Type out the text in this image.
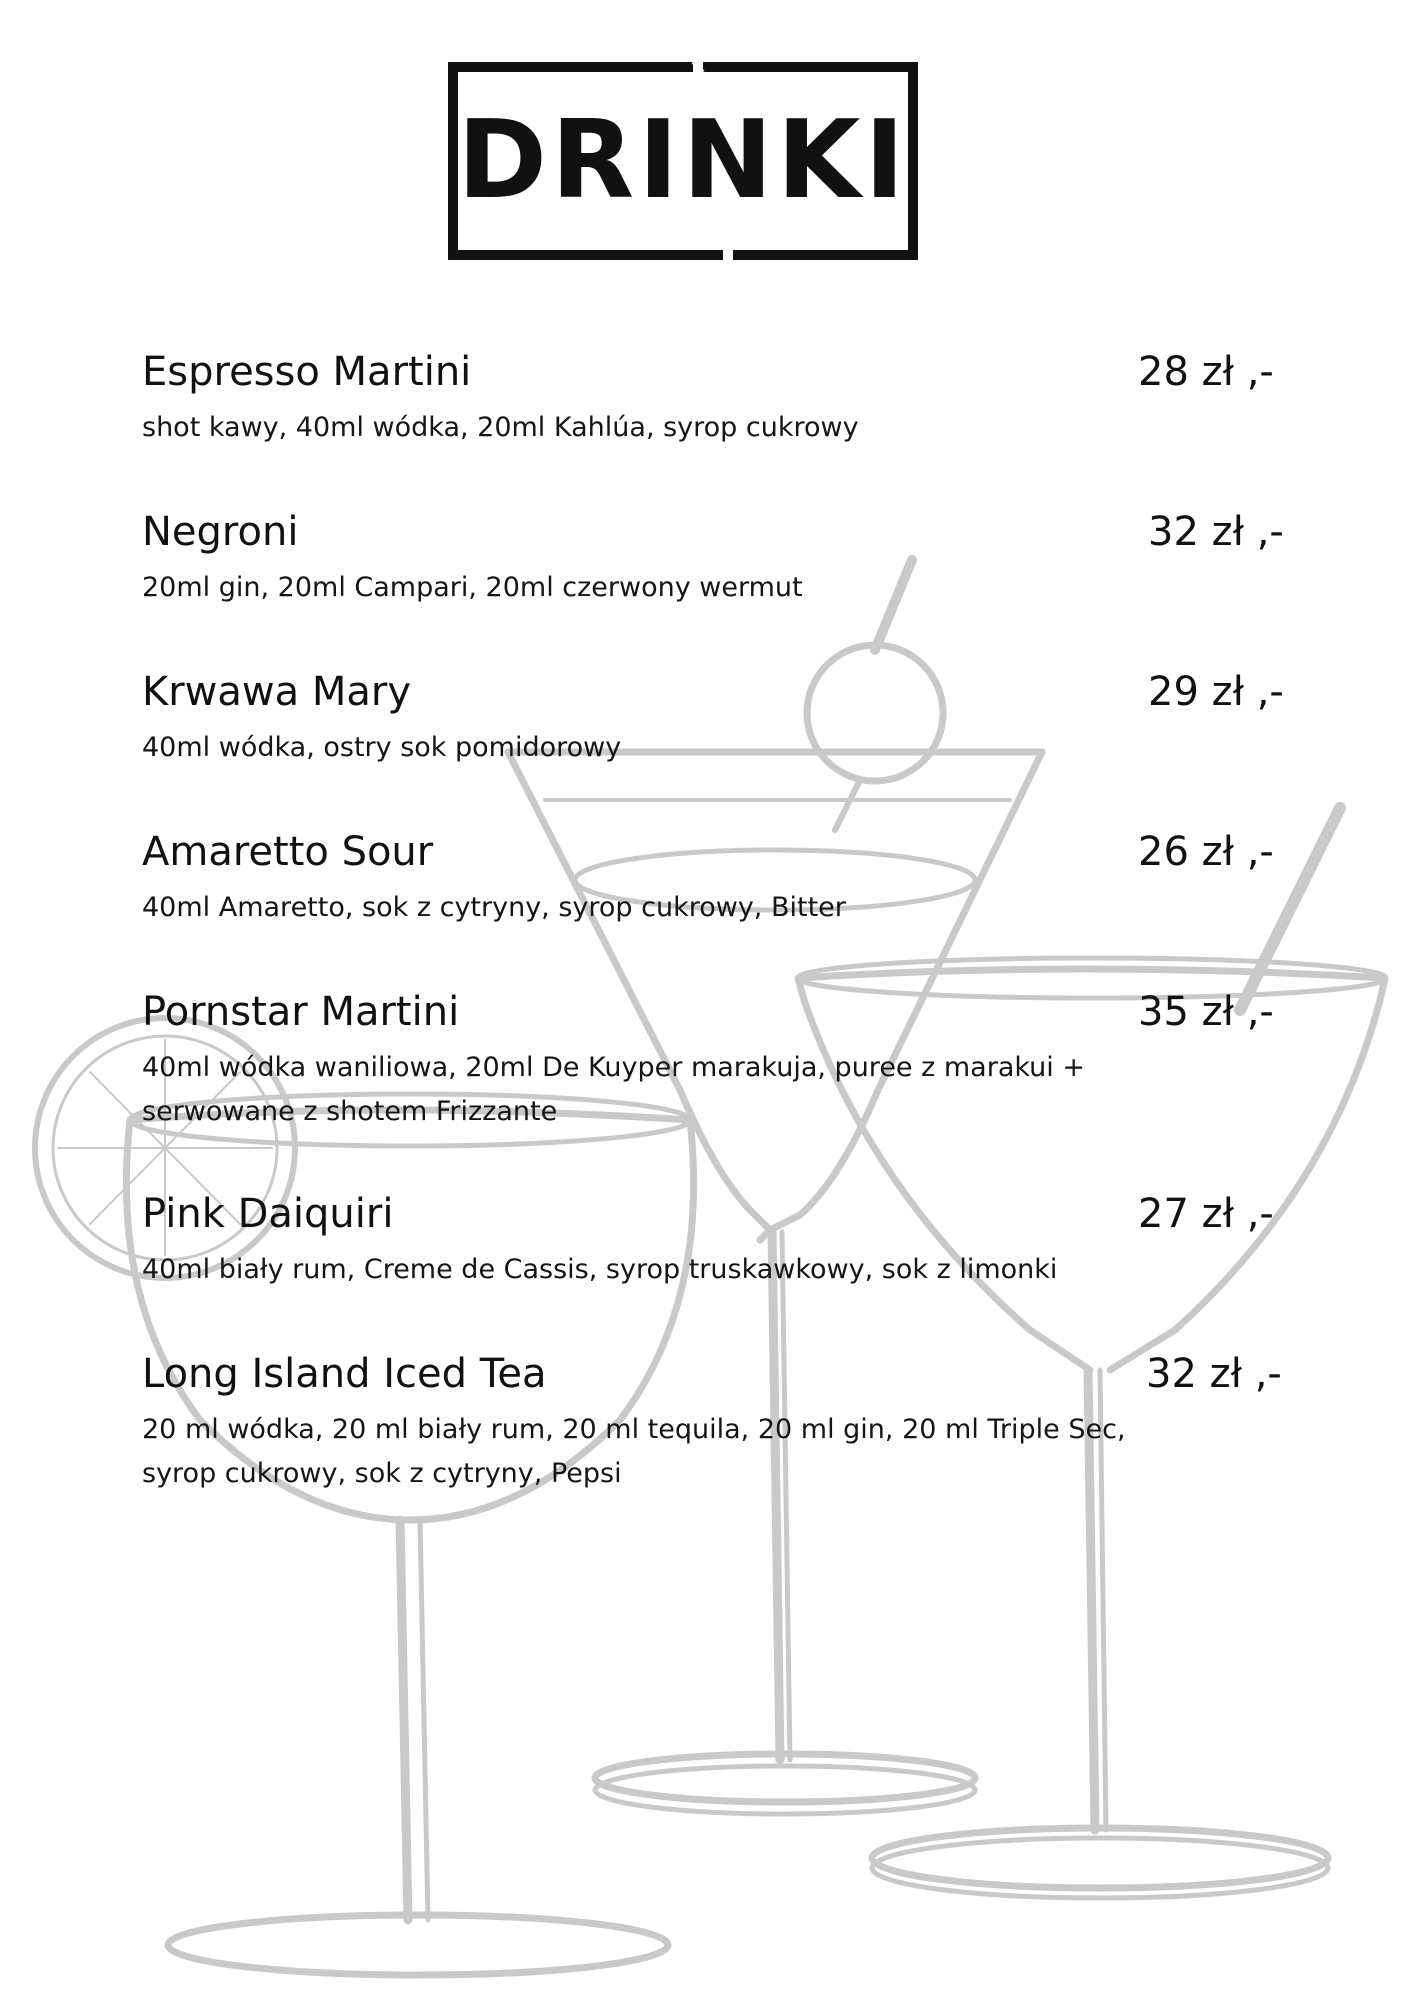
DRINKI
Espresso Martini	28 zł ,-
shot kawy, 40ml wódka, 20ml Kahlúa, syrop cukrowy
Negroni	32 zł ,-
20ml gin, 20ml Campari, 20ml czerwony wermut
Krwawa Mary	29 zł ,-
40ml wódka, ostry sok pomidorowy
Amaretto Sour	26 zł ,-
40ml Amaretto, sok z cytryny, syrop cukrowy, Bitter
Pornstar Martini	35 zł ,-
40ml wódka waniliowa, 20ml De Kuyper marakuja, puree z marakui + serwowane z shotem Frizzante
Pink Daiquiri	27 zł ,-
40ml biały rum, Creme de Cassis, syrop truskawkowy, sok z limonki
Long Island Iced Tea	32 zł ,-
20 ml wódka, 20 ml biały rum, 20 ml tequila, 20 ml gin, 20 ml Triple Sec, syrop cukrowy, sok z cytryny, Pepsi
